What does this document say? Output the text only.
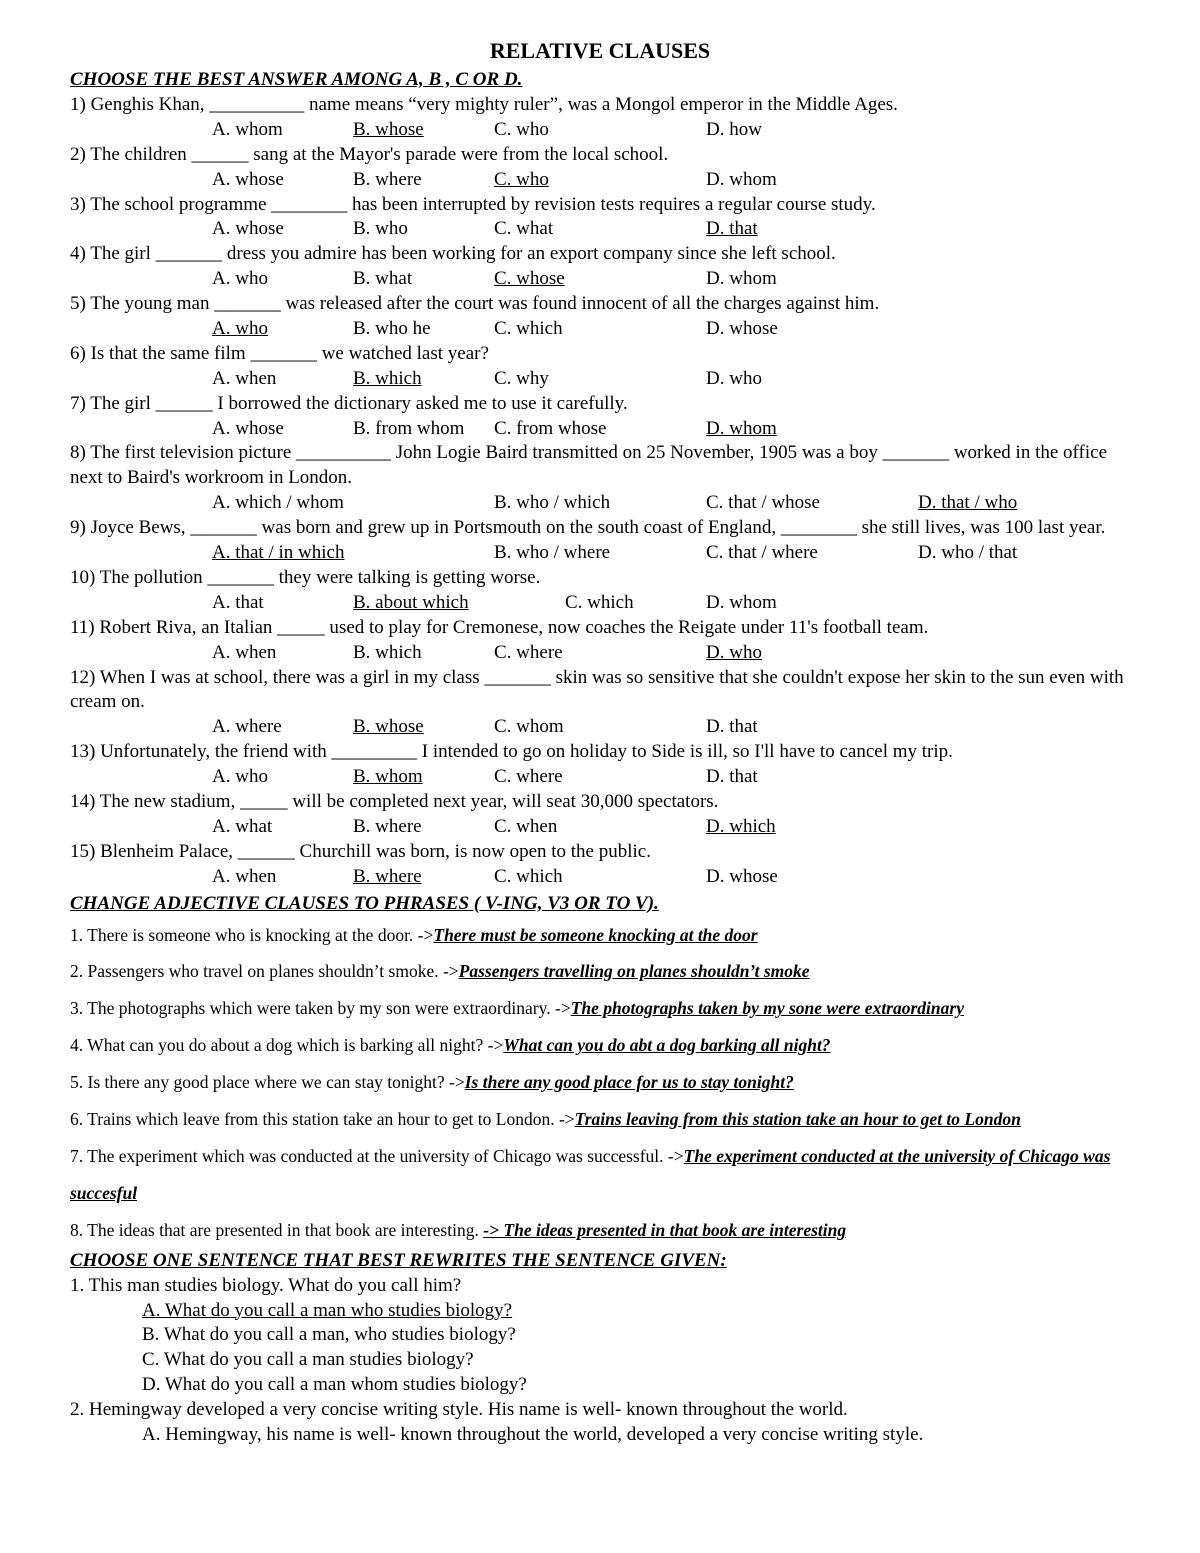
RELATIVE CLAUSES
CHOOSE THE BEST ANSWER AMONG A, B , C OR D.
1) Genghis Khan, __________ name means “very mighty ruler”, was a Mongol emperor in the Middle Ages.
A. whom	B. whose	C. who	D. how
2) The children ______ sang at the Mayor's parade were from the local school.
A. whose	B. where	C. who	D. whom
3) The school programme ________ has been interrupted by revision tests requires a regular course study.
A. whose	B. who	C. what	D. that
4) The girl _______ dress you admire has been working for an export company since she left school.
A. who	B. what	C. whose	D. whom
5) The young man _______ was released after the court was found innocent of all the charges against him.
A. who	B. who he	C. which	D. whose
6) Is that the same film _______ we watched last year?
A. when	B. which	C. why	D. who
7) The girl ______ I borrowed the dictionary asked me to use it carefully.
A. whose	B. from whom C. from whose	D. whom
8) The first television picture __________ John Logie Baird transmitted on 25 November, 1905 was a boy _______ worked in the office next to Baird's workroom in London.
A. which / whom	B. who / which	C. that / whose	D. that / who
9) Joyce Bews, _______ was born and grew up in Portsmouth on the south coast of England, ________ she still lives, was 100 last year.
A. that / in which	B. who / where	C. that / where	D. who / that
10) The pollution _______ they were talking is getting worse.
A. that	B. about which	C. which	D. whom
11) Robert Riva, an Italian _____ used to play for Cremonese, now coaches the Reigate under 11's football team.
A. when	B. which	C. where	D. who
12) When I was at school, there was a girl in my class _______ skin was so sensitive that she couldn't expose her skin to the sun even with cream on.
A. where	B. whose	C. whom	D. that
13) Unfortunately, the friend with _________ I intended to go on holiday to Side is ill, so I'll have to cancel my trip.
A. who	B. whom	C. where	D. that
14) The new stadium, _____ will be completed next year, will seat 30,000 spectators.
A. what	B. where	C. when	D. which
15) Blenheim Palace, ______ Churchill was born, is now open to the public.
A. when	B. where	C. which	D. whose
CHANGE ADJECTIVE CLAUSES TO PHRASES ( V-ING, V3 OR TO V).
1. There is someone who is knocking at the door. ->There must be someone knocking at the door
2. Passengers who travel on planes shouldn’t smoke. ->Passengers travelling on planes shouldn’t smoke
3. The photographs which were taken by my son were extraordinary. ->The photographs taken by my sone were extraordinary
4. What can you do about a dog which is barking all night? ->What can you do abt a dog barking all night?
5. Is there any good place where we can stay tonight? ->Is there any good place for us to stay tonight?
6. Trains which leave from this station take an hour to get to London. ->Trains leaving from this station take an hour to get to London
7. The experiment which was conducted at the university of Chicago was successful. ->The experiment conducted at the university of Chicago was succesful
8. The ideas that are presented in that book are interesting. -> The ideas presented in that book are interesting
CHOOSE ONE SENTENCE THAT BEST REWRITES THE SENTENCE GIVEN:
1. This man studies biology. What do you call him?
A. What do you call a man who studies biology?
B. What do you call a man, who studies biology?
C. What do you call a man studies biology?
D. What do you call a man whom studies biology?
2. Hemingway developed a very concise writing style. His name is well- known throughout the world.
A. Hemingway, his name is well- known throughout the world, developed a very concise writing style.
